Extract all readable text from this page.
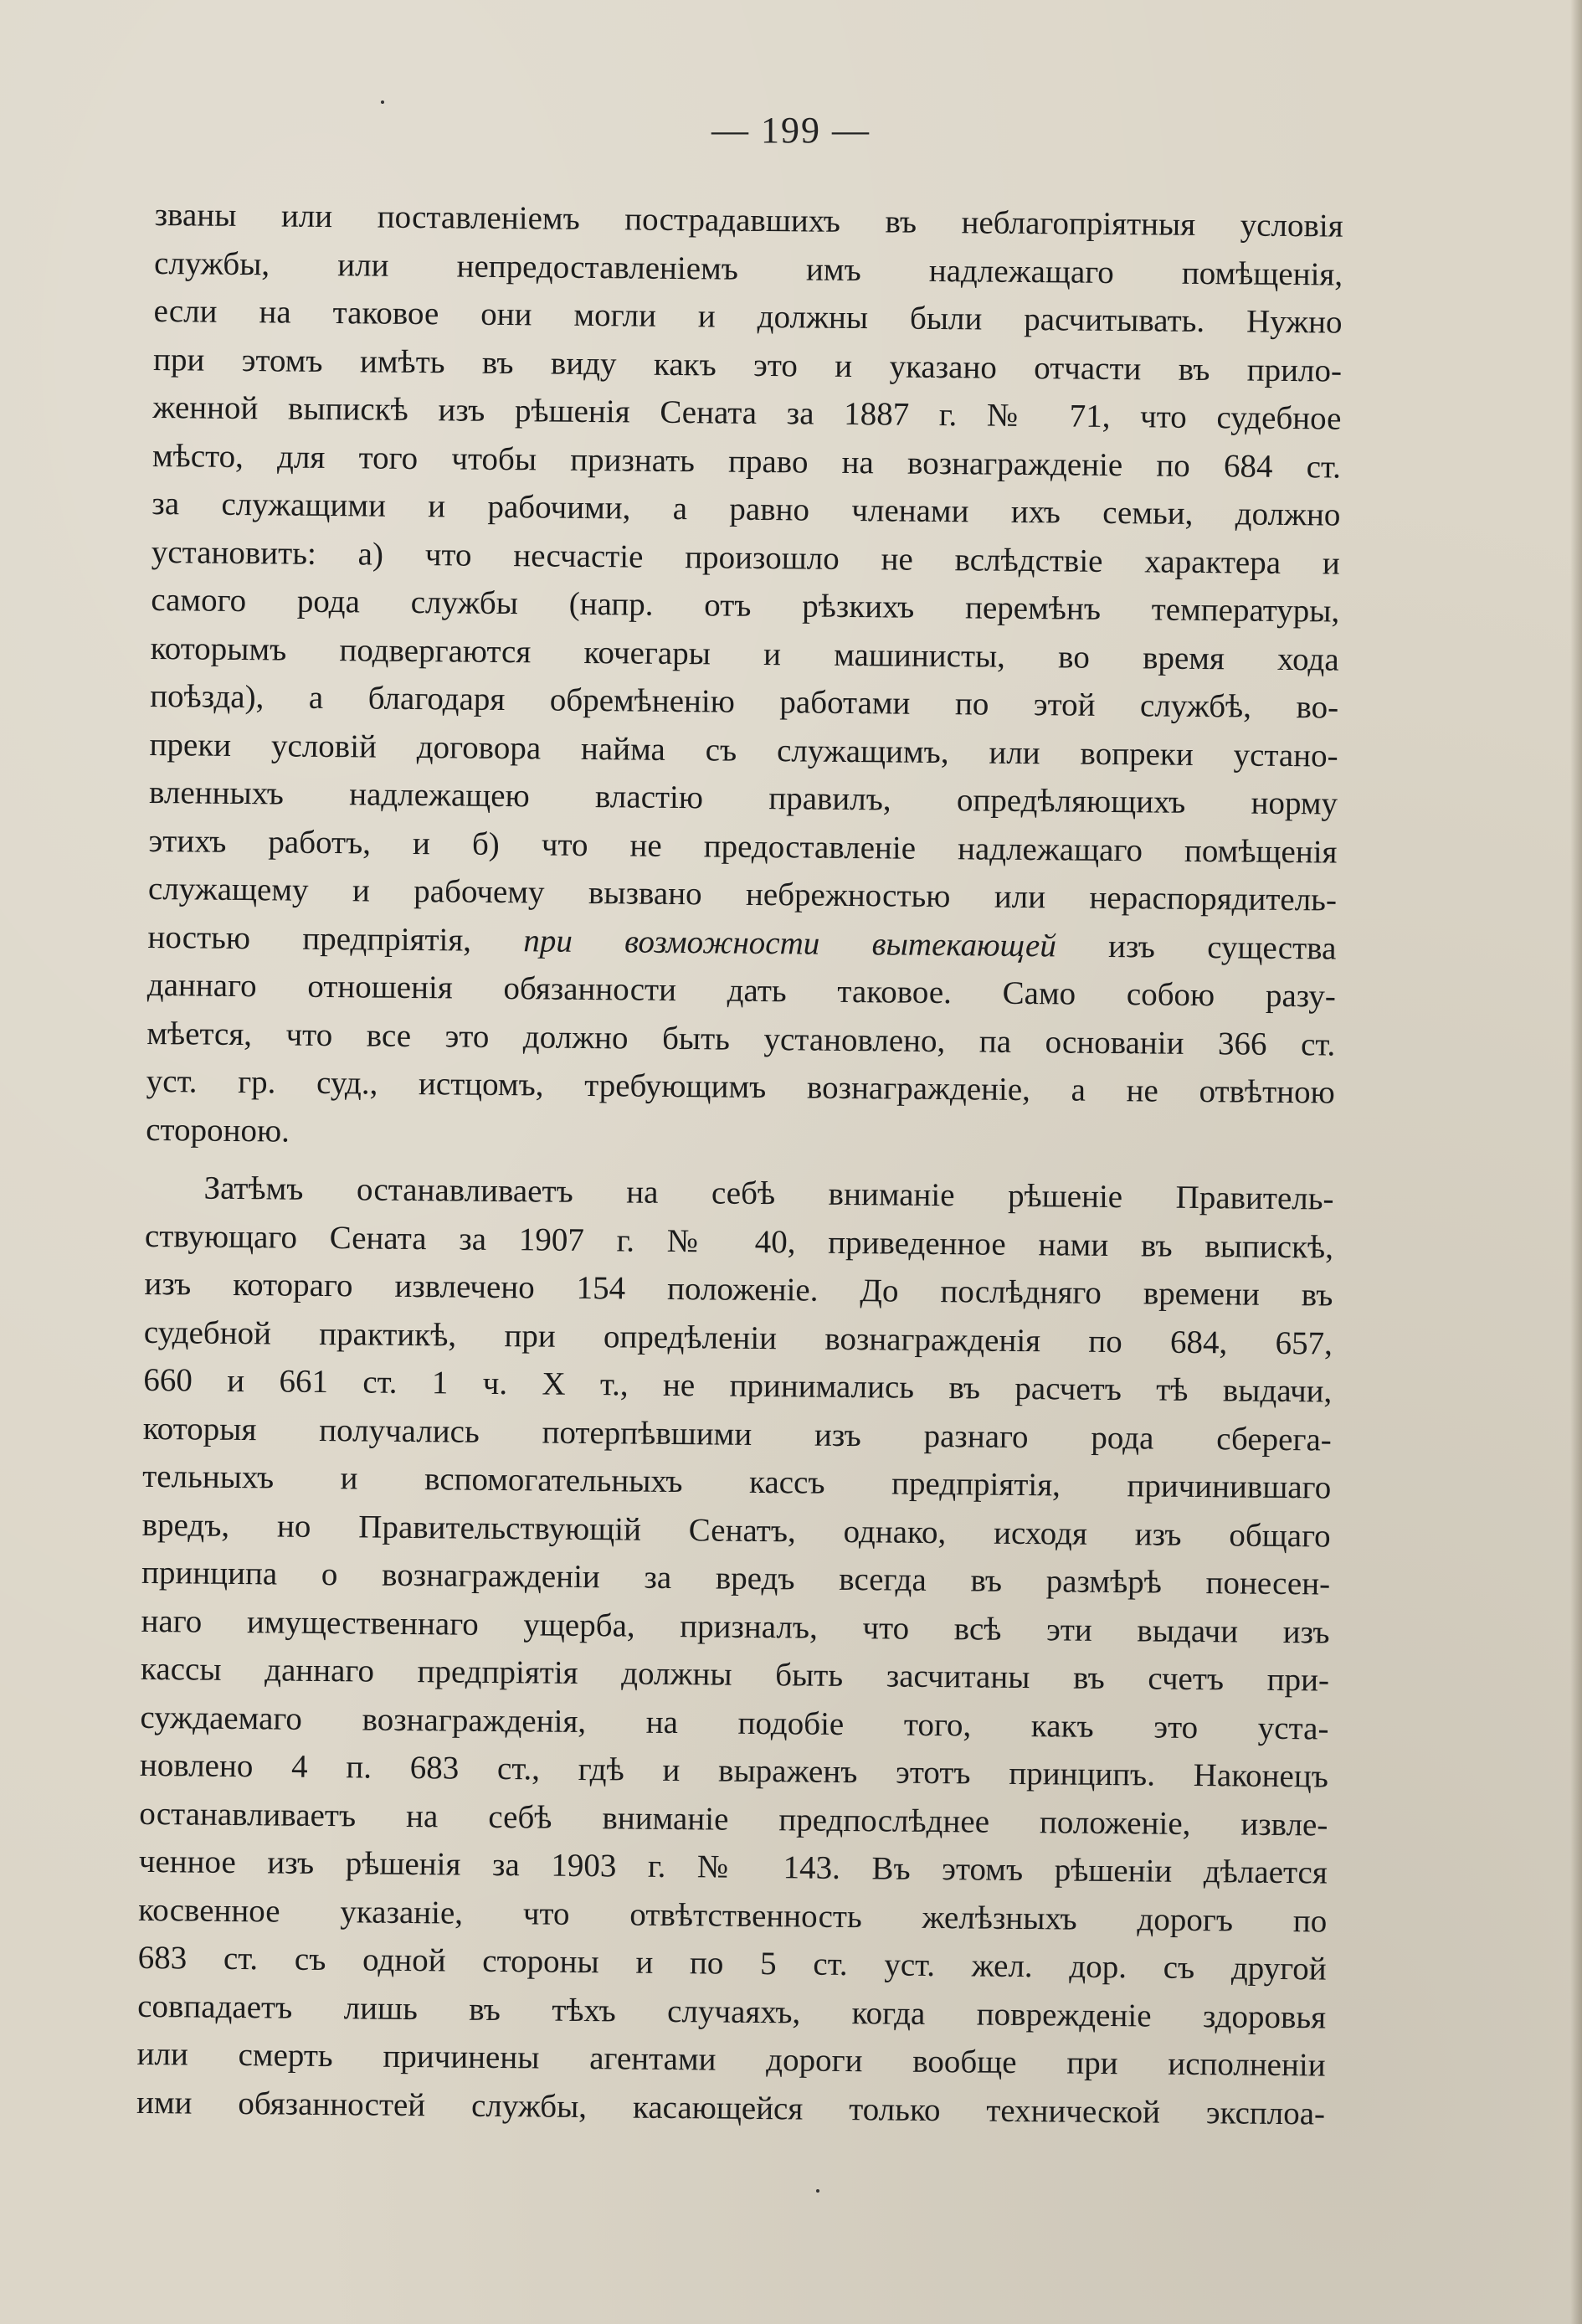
— 199 —
званы или поставленіемъ пострадавшихъ въ неблагопріятныя условія
службы, или непредоставленіемъ имъ надлежащаго помѣщенія,
если на таковое они могли и должны были расчитывать. Нужно
при этомъ имѣть въ виду какъ это и указано отчасти въ прило-
женной выпискѣ изъ рѣшенія Сената за 1887 г. № 71, что судебное
мѣсто, для того чтобы признать право на вознагражденіе по 684 ст.
за служащими и рабочими, а равно членами ихъ семьи, должно
установить: а) что несчастіе произошло не вслѣдствіе характера и
самого рода службы (напр. отъ рѣзкихъ перемѣнъ температуры,
которымъ подвергаются кочегары и машинисты, во время хода
поѣзда), а благодаря обремѣненію работами по этой службѣ, во-
преки условій договора найма съ служащимъ, или вопреки устано-
вленныхъ надлежащею властію правилъ, опредѣляющихъ норму
этихъ работъ, и б) что не предоставленіе надлежащаго помѣщенія
служащему и рабочему вызвано небрежностью или нераспорядитель-
ностью предпріятія, при возможности вытекающей изъ существа
даннаго отношенія обязанности дать таковое. Само собою разу-
мѣется, что все это должно быть установлено, па основаніи 366 ст.
уст. гр. суд., истцомъ, требующимъ вознагражденіе, а не отвѣтною
стороною.
Затѣмъ останавливаетъ на себѣ вниманіе рѣшеніе Правитель-
ствующаго Сената за 1907 г. № 40, приведенное нами въ выпискѣ,
изъ котораго извлечено 154 положеніе. До послѣдняго времени въ
судебной практикѣ, при опредѣленіи вознагражденія по 684, 657,
660 и 661 ст. 1 ч. X т., не принимались въ расчетъ тѣ выдачи,
которыя получались потерпѣвшими изъ разнаго рода сберега-
тельныхъ и вспомогательныхъ кассъ предпріятія, причинившаго
вредъ, но Правительствующій Сенатъ, однако, исходя изъ общаго
принципа о вознагражденіи за вредъ всегда въ размѣрѣ понесен-
наго имущественнаго ущерба, призналъ, что всѣ эти выдачи изъ
кассы даннаго предпріятія должны быть засчитаны въ счетъ при-
суждаемаго вознагражденія, на подобіе того, какъ это уста-
новлено 4 п. 683 ст., гдѣ и выраженъ этотъ принципъ. Наконецъ
останавливаетъ на себѣ вниманіе предпослѣднее положеніе, извле-
ченное изъ рѣшенія за 1903 г. № 143. Въ этомъ рѣшеніи дѣлается
косвенное указаніе, что отвѣтственность желѣзныхъ дорогъ по
683 ст. съ одной стороны и по 5 ст. уст. жел. дор. съ другой
совпадаетъ лишь въ тѣхъ случаяхъ, когда поврежденіе здоровья
или смерть причинены агентами дороги вообще при исполненіи
ими обязанностей службы, касающейся только технической эксплоа-
